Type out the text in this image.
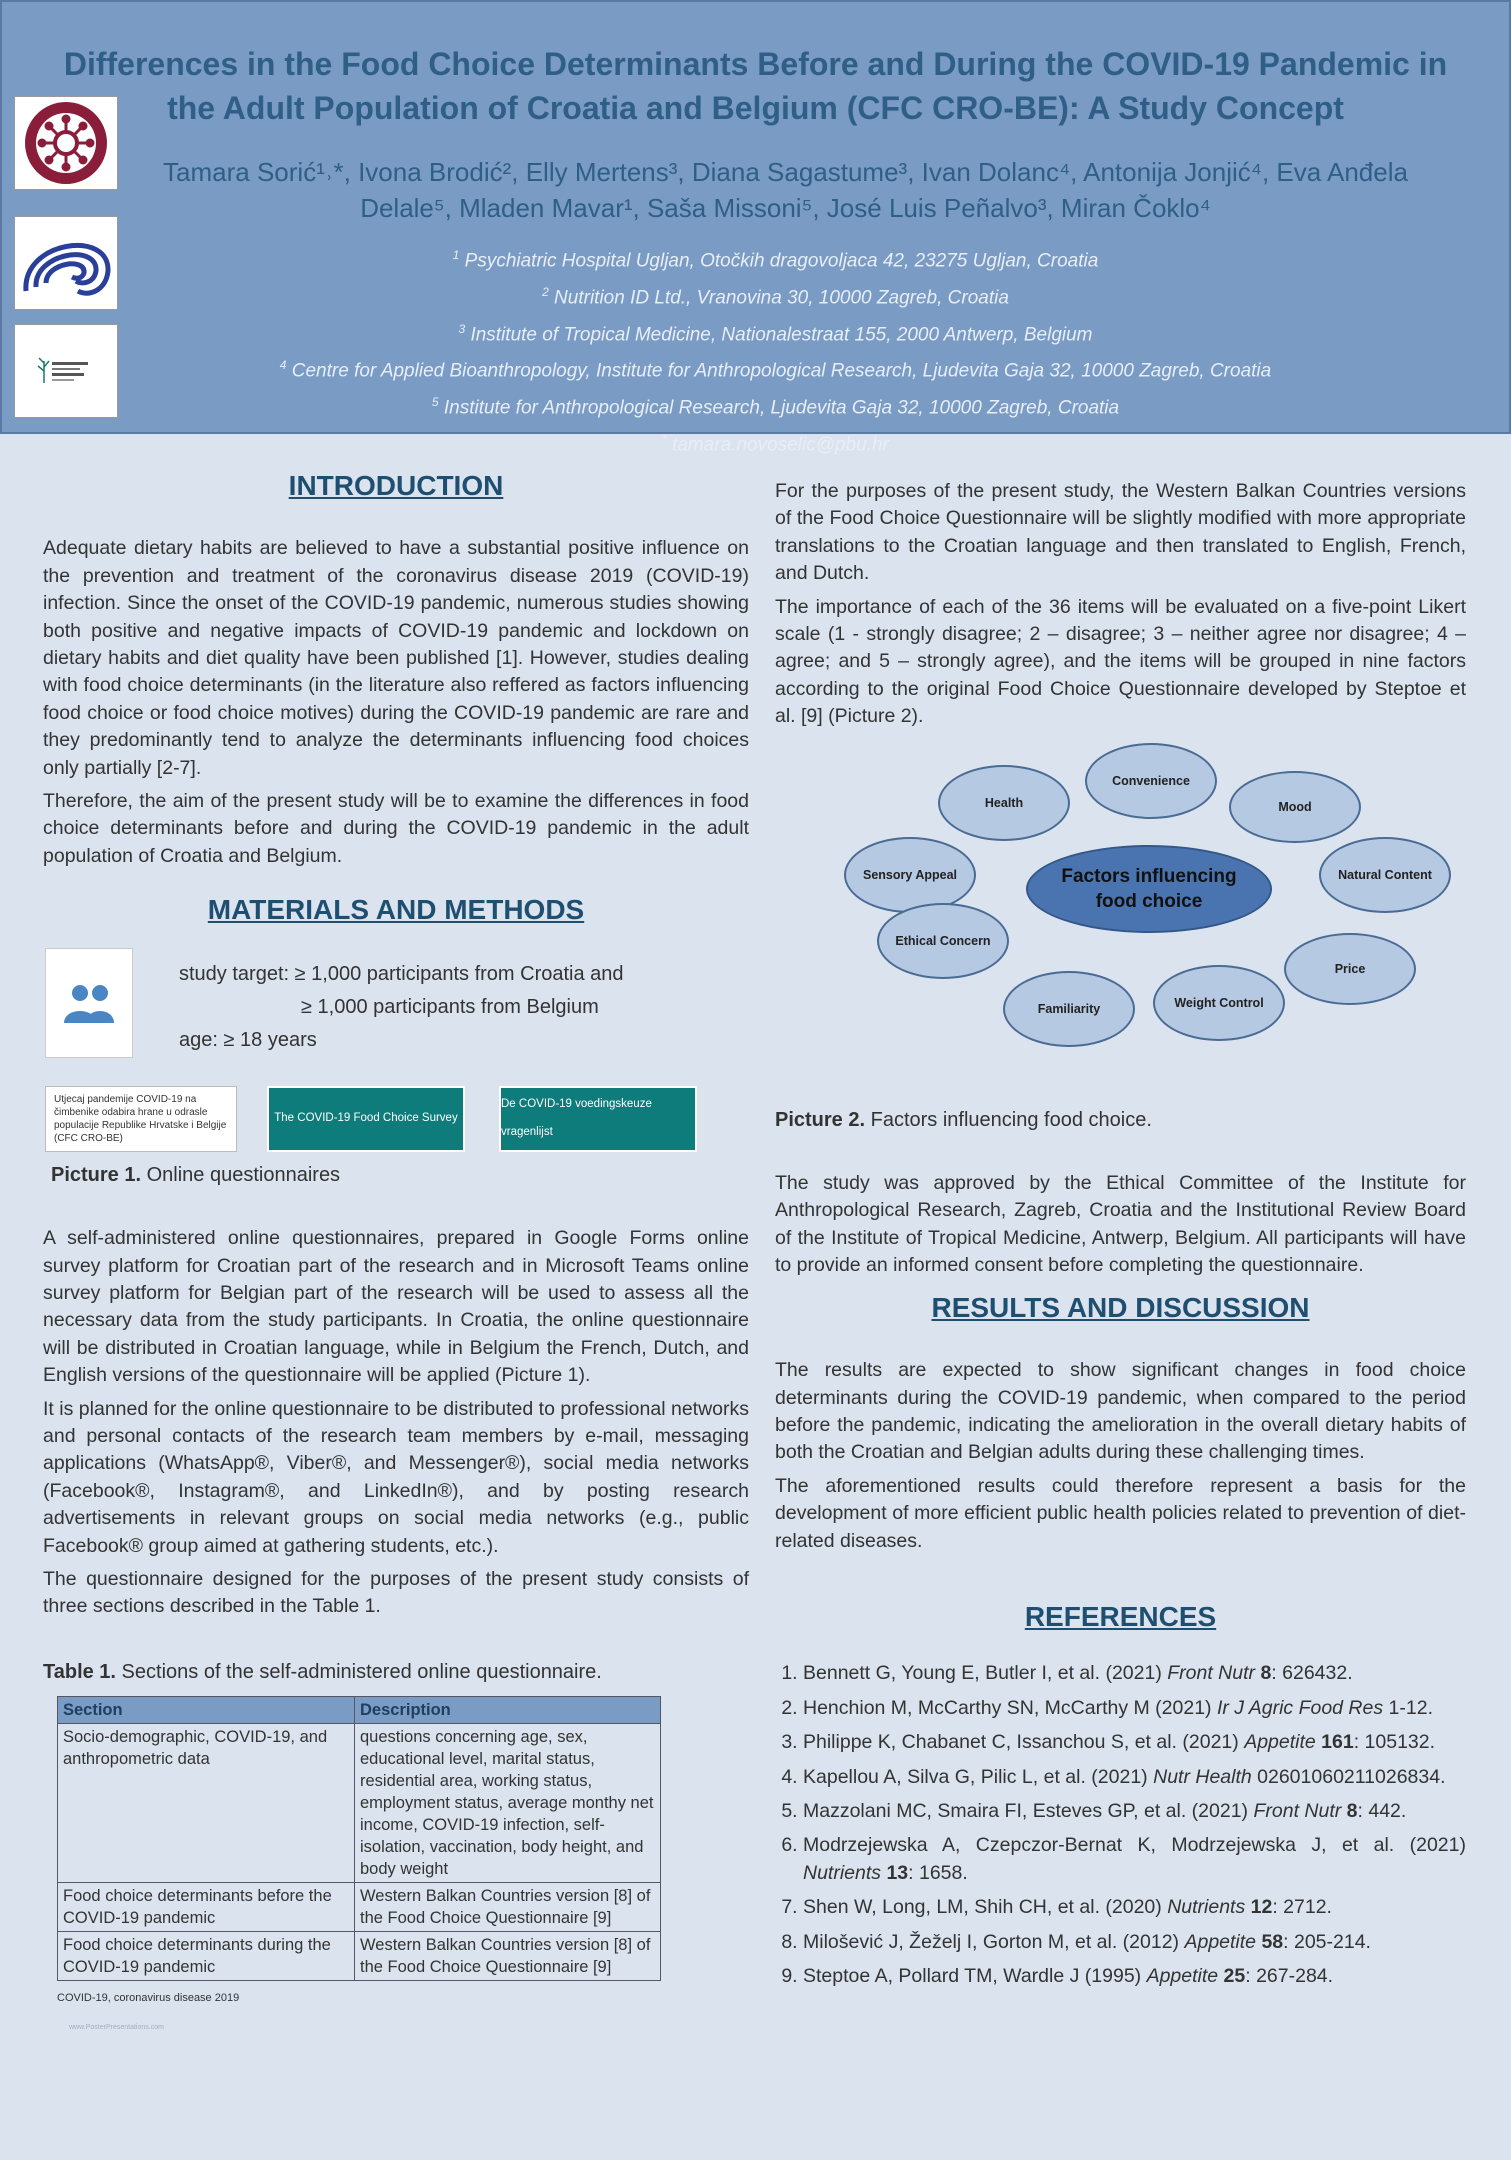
Differences in the Food Choice Determinants Before and During the COVID-19 Pandemic in the Adult Population of Croatia and Belgium (CFC CRO-BE): A Study Concept
Tamara Sorić¹˒*, Ivona Brodić², Elly Mertens³, Diana Sagastume³, Ivan Dolanc⁴, Antonija Jonjić⁴, Eva Anđela
Delale⁵, Mladen Mavar¹, Saša Missoni⁵, José Luis Peñalvo³, Miran Čoklo⁴
$^1$ Psychiatric Hospital Ugljan, Otočkih dragovoljaca 42, 23275 Ugljan, Croatia
$^2$ Nutrition ID Ltd., Vranovina 30, 10000 Zagreb, Croatia
$^3$ Institute of Tropical Medicine, Nationalestraat 155, 2000 Antwerp, Belgium
$^4$ Centre for Applied Bioanthropology, Institute for Anthropological Research, Ljudevita Gaja 32, 10000 Zagreb, Croatia
$^5$ Institute for Anthropological Research, Ljudevita Gaja 32, 10000 Zagreb, Croatia
* tamara.novoselic@pbu.hr
INTRODUCTION

Adequate dietary habits are believed to have a substantial positive influence on the prevention and treatment of the coronavirus disease 2019 (COVID-19) infection. Since the onset of the COVID-19 pandemic, numerous studies showing both positive and negative impacts of COVID-19 pandemic and lockdown on dietary habits and diet quality have been published [1]. However, studies dealing with food choice determinants (in the literature also reffered as factors influencing food choice or food choice motives) during the COVID-19 pandemic are rare and they predominantly tend to analyze the determinants influencing food choices only partially [2-7].

Therefore, the aim of the present study will be to examine the differences in food choice determinants before and during the COVID-19 pandemic in the adult population of Croatia and Belgium.

MATERIALS AND METHODS
study target: ≥ 1,000 participants from Croatia and
≥ 1,000 participants from Belgium
age: ≥ 18 years
Utjecaj pandemije COVID-19 na čimbenike odabira hrane u odrasle populacije Republike Hrvatske i Belgije (CFC CRO-BE)
The COVID-19 Food Choice Survey
De COVID-19 voedingskeuze vragenlijst
Picture 1. Online questionnaires

A self-administered online questionnaires, prepared in Google Forms online survey platform for Croatian part of the research and in Microsoft Teams online survey platform for Belgian part of the research will be used to assess all the necessary data from the study participants. In Croatia, the online questionnaire will be distributed in Croatian language, while in Belgium the French, Dutch, and English versions of the questionnaire will be applied (Picture 1).

It is planned for the online questionnaire to be distributed to professional networks and personal contacts of the research team members by e-mail, messaging applications (WhatsApp®, Viber®, and Messenger®), social media networks (Facebook®, Instagram®, and LinkedIn®), and by posting research advertisements in relevant groups on social media networks (e.g., public Facebook® group aimed at gathering students, etc.).

The questionnaire designed for the purposes of the present study consists of three sections described in the Table 1.

Table 1. Sections of the self-administered online questionnaire.
Section	Description
Socio-demographic, COVID-19, and anthropometric data	questions concerning age, sex, educational level, marital status, residential area, working status, employment status, average monthy net income, COVID-19 infection, self-isolation, vaccination, body height, and body weight
Food choice determinants before the COVID-19 pandemic	Western Balkan Countries version [8] of the Food Choice Questionnaire [9]
Food choice determinants during the COVID-19 pandemic	Western Balkan Countries version [8] of the Food Choice Questionnaire [9]
COVID-19, coronavirus disease 2019
www.PosterPresentations.com

For the purposes of the present study, the Western Balkan Countries versions of the Food Choice Questionnaire will be slightly modified with more appropriate translations to the Croatian language and then translated to English, French, and Dutch.

The importance of each of the 36 items will be evaluated on a five-point Likert scale (1 - strongly disagree; 2 – disagree; 3 – neither agree nor disagree; 4 – agree; and 5 – strongly agree), and the items will be grouped in nine factors according to the original Food Choice Questionnaire developed by Steptoe et al. [9] (Picture 2).

Convenience
Health	Mood
Sensory Appeal	Natural Content
Factors influencing food choice
Ethical Concern
Price
Familiarity	Weight Control
Picture 2. Factors influencing food choice.

The study was approved by the Ethical Committee of the Institute for Anthropological Research, Zagreb, Croatia and the Institutional Review Board of the Institute of Tropical Medicine, Antwerp, Belgium. All participants will have to provide an informed consent before completing the questionnaire.

RESULTS AND DISCUSSION

The results are expected to show significant changes in food choice determinants during the COVID-19 pandemic, when compared to the period before the pandemic, indicating the amelioration in the overall dietary habits of both the Croatian and Belgian adults during these challenging times.

The aforementioned results could therefore represent a basis for the development of more efficient public health policies related to prevention of diet-related diseases.

REFERENCES
1. Bennett G, Young E, Butler I, et al. (2021) Front Nutr 8: 626432.
2. Henchion M, McCarthy SN, McCarthy M (2021) Ir J Agric Food Res 1-12.
3. Philippe K, Chabanet C, Issanchou S, et al. (2021) Appetite 161: 105132.
4. Kapellou A, Silva G, Pilic L, et al. (2021) Nutr Health 02601060211026834.
5. Mazzolani MC, Smaira FI, Esteves GP, et al. (2021) Front Nutr 8: 442.
6. Modrzejewska A, Czepczor-Bernat K, Modrzejewska J, et al. (2021) Nutrients 13: 1658.
7. Shen W, Long, LM, Shih CH, et al. (2020) Nutrients 12: 2712.
8. Milošević J, Žeželj I, Gorton M, et al. (2012) Appetite 58: 205-214.
9. Steptoe A, Pollard TM, Wardle J (1995) Appetite 25: 267-284.
